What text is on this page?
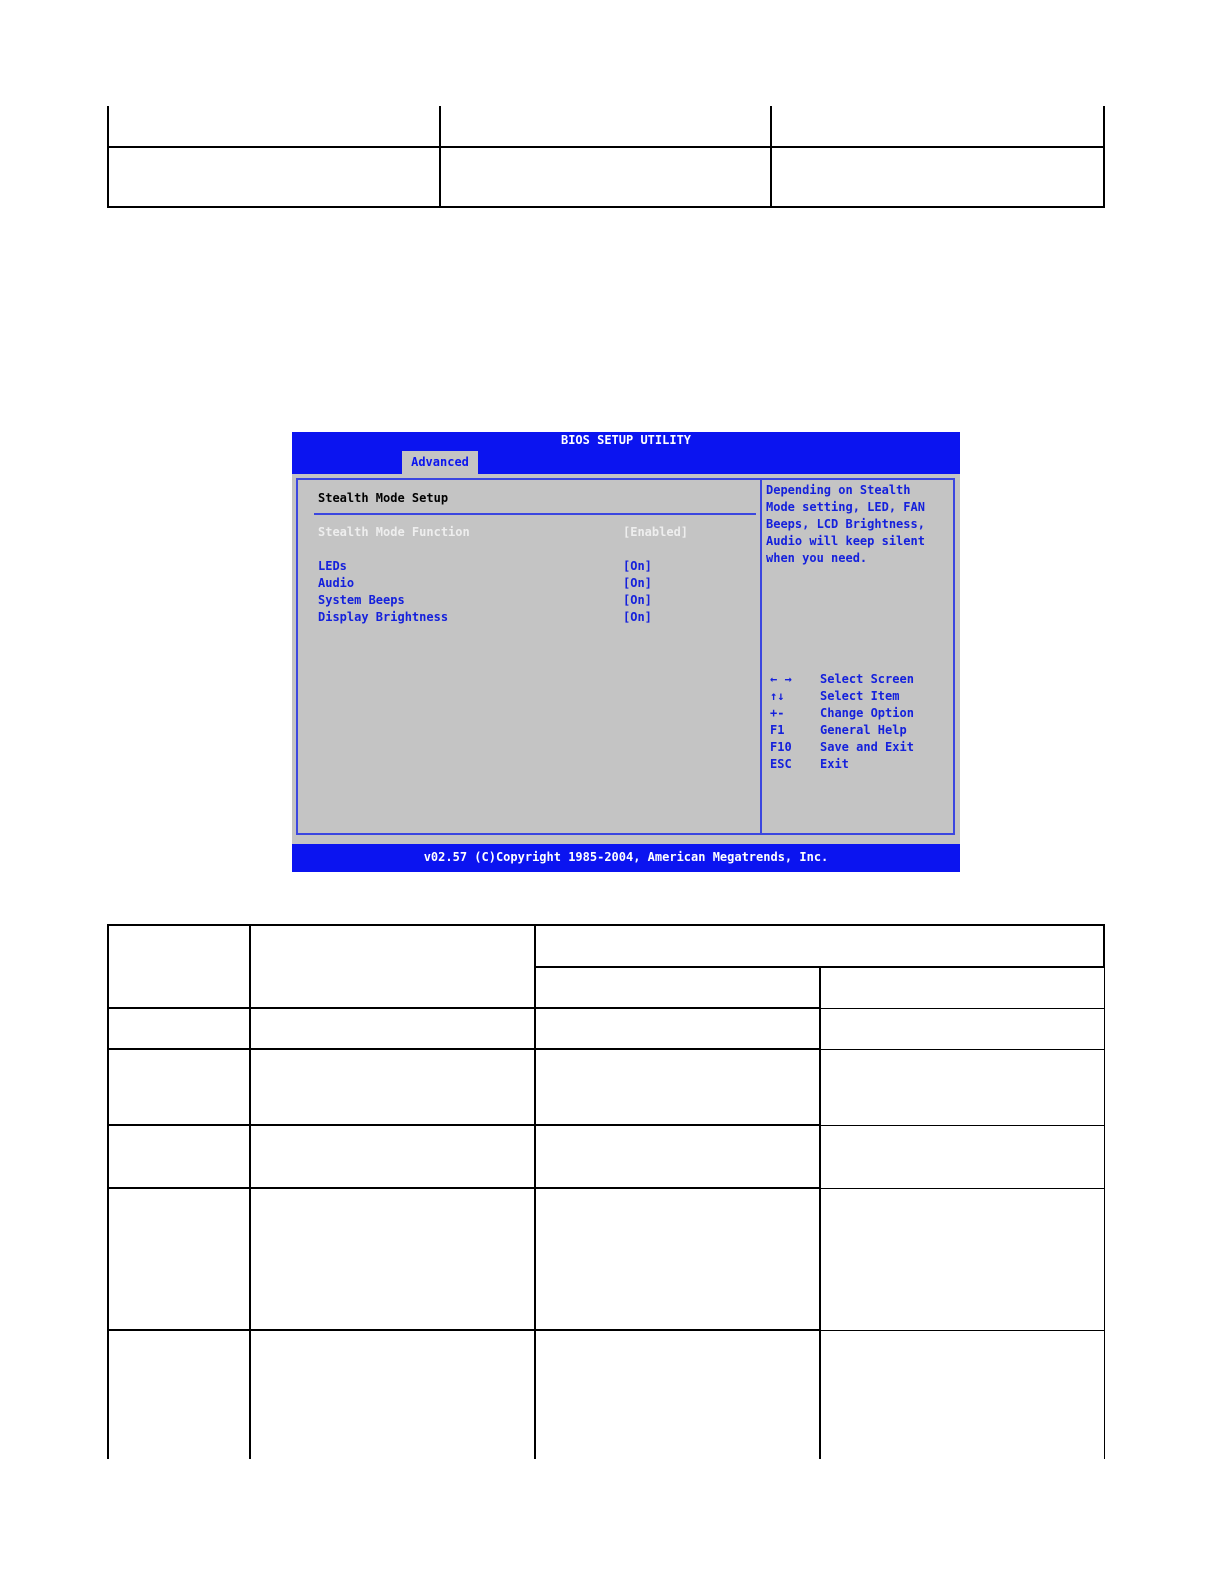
BIOS SETUP UTILITY
Advanced
Stealth Mode Setup
Stealth Mode Function	[Enabled]
LEDs	[On]
Audio	[On]
System Beeps	[On]
Display Brightness	[On]
Depending on Stealth
Mode setting, LED, FAN
Beeps, LCD Brightness,
Audio will keep silent
when you need.
← → Select Screen
↑↓	Select Item
+-	Change Option
F1	General Help
F10 Save and Exit
ESC Exit
v02.57 (C)Copyright 1985-2004, American Megatrends, Inc.
